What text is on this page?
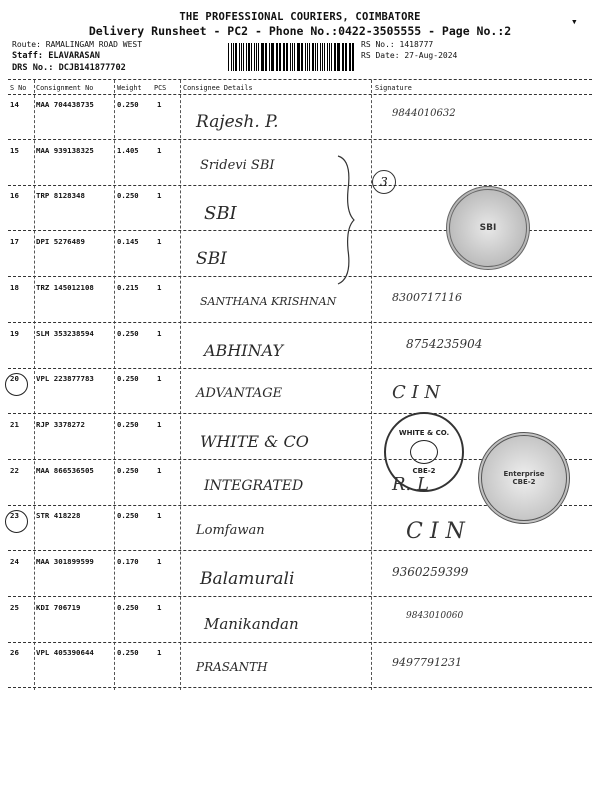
THE PROFESSIONAL COURIERS, COIMBATORE
Delivery Runsheet - PC2 - Phone No.:0422-3505555 - Page No.:2
▾
Route: RAMALINGAM ROAD WEST
Staff: ELAVARASAN
DRS No.: DCJB141877702
RS No.: 1418777
RS Date: 27-Aug-2024
S No Consignment No	Weight PCS Consignee Details	Signature
14 MAA 704438735	0.250 1
Rajesh. P.	9844010632
15 MAA 939138325	1.405 1
Sridevi SBI
16 TRP 8128348	0.250 1
SBI
17 DPI 5276489	0.145 1
SBI
18 TRZ 145012108	0.215 1
SANTHANA KRISHNAN	8300717116
19 SLM 353238594	0.250 1
ABHINAY	8754235904
20 VPL 223877783	0.250 1
ADVANTAGE	C I N
21 RJP 3378272	0.250 1
WHITE & CO
22 MAA 866536505	0.250 1
INTEGRATED	R. L
23 STR 418228	0.250 1
Lomfawan	C I N
24 MAA 301899599	0.170 1
Balamurali	9360259399
25 KDI 706719	0.250 1
Manikandan	9843010060
26 VPL 405390644	0.250 1
PRASANTH	9497791231
3
SBI
WHITE & CO.
CBE-2	Enterprise
CBE-2
